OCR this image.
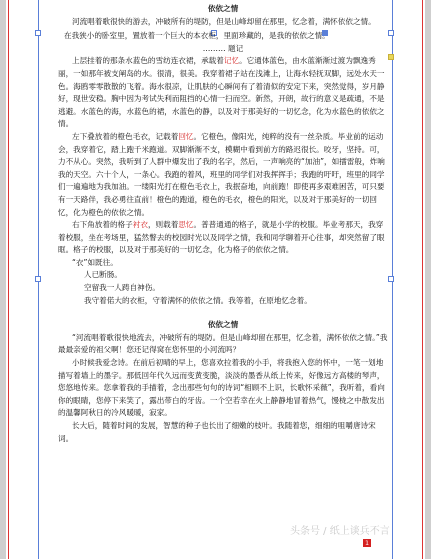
依依之情

河流唱着歌很快的游去，冲破所有的堤防，但是山峰却留在那里，忆念着，满怀依依之情。

在我狭小的卧室里，置放着一个巨大的本衣柜，里面珍藏的，是我的依依之情。

……… 题记

上层挂着的那条水蓝色的雪纺连衣裙，承载着记忆。它通体蓝色，由水蓝渐渐过渡为飘逸秀丽，一如那年被支阐岛的水。很清，很美。我穿着裙子站在浅滩上，让海水轻抚双脚，远处水天一色。海鸥零零散散的飞着。海水很凉，让肌肤的心瞬间有了着清似的安定下来，突然觉得，岁月静好，现世安稳。胸中因为考试失利而阻挡的心情一扫而空。新然，开朗，故行的意义是疏通，不是逃避。水蓝色的海，水蓝色的裙，水蓝色的静，以及对于那美好的一切忆念，化为水蓝色的依依之情。

左下叠放着的橙色毛衣，记载着回忆。它橙色，像阳光，纯粹的没有一丝杂质。毕业前的运动会，我穿着它，踏上跑千米跑道。双脚渐渐不支，模糊中看到前方的路迟很长。咬牙，坚持。可，力不从心。突然，我听到了人群中爆发出了我的名字，然后，一声响亮的“加油”，如擂雷般，炸响我的天空。六十个人，一条心。我跑的着风，班里的同学们对我挥挥手；我跑的吁吁，班里的同学们一遍遍地为我加油。一缕阳光打在橙色毛衣上，我抿奋地，向前跑！即使再多艰难困苦，可只要有一天路伴，我必勇往直前！橙色的跑道，橙色的毛衣，橙色的阳光，以及对于那美好的一切回忆，化为橙色的依依之情。

右下角放着的格子衬衣，则载着思忆。普普通通的格子，就是小学的校服。毕业考那天，我穿着校服，坐在考场里，猛然瞥去的校园时光以及同学之情，我和同学聊着开心往事，却突然留了眼眶。格子的校服，以及对于那美好的一切忆念，化为格子的依依之情。

“衣”如既往。

人已断肠。
空留我一人踌自神伤。
我守着偌大的衣柜，守着满怀的依依之情。我等着，在原地忆念着。
依依之情

“河流唱着歌很快地流去，冲破所有的堤防。但是山峰却留在那里，忆念着，满怀依依之情。”我最最亲爱的祖父啊！您还记得窝在您怀里的小河流吗？

小时候我爱念诗。在前后初晴的早上，您喜欢拉着我的小手，将我抱入您的怀中，一笔一划地描写着墙上的墨字。那低回年代久远而变黄变脆，淡淡的墨香从纸上传来，好像远方高楼的琴声，您悠地传来。您拿着我的手描着，念出那些句句的诗词“相顾不上识，长歌怀采薇”，我听着，看向你的眼睛，您停下来笑了，露出带白的牙齿。一个空若幸在火上静静地冒着热气，馒栊之中散发出的温馨阿秋日的冷风暖暖，寂家。

长大后，随着时间的发展，智慧的种子也长出了细嫩的枝叶。我随着您，细细的咀嚼唐诗宋词。

头条号 / 纸上谈兵不言
1
